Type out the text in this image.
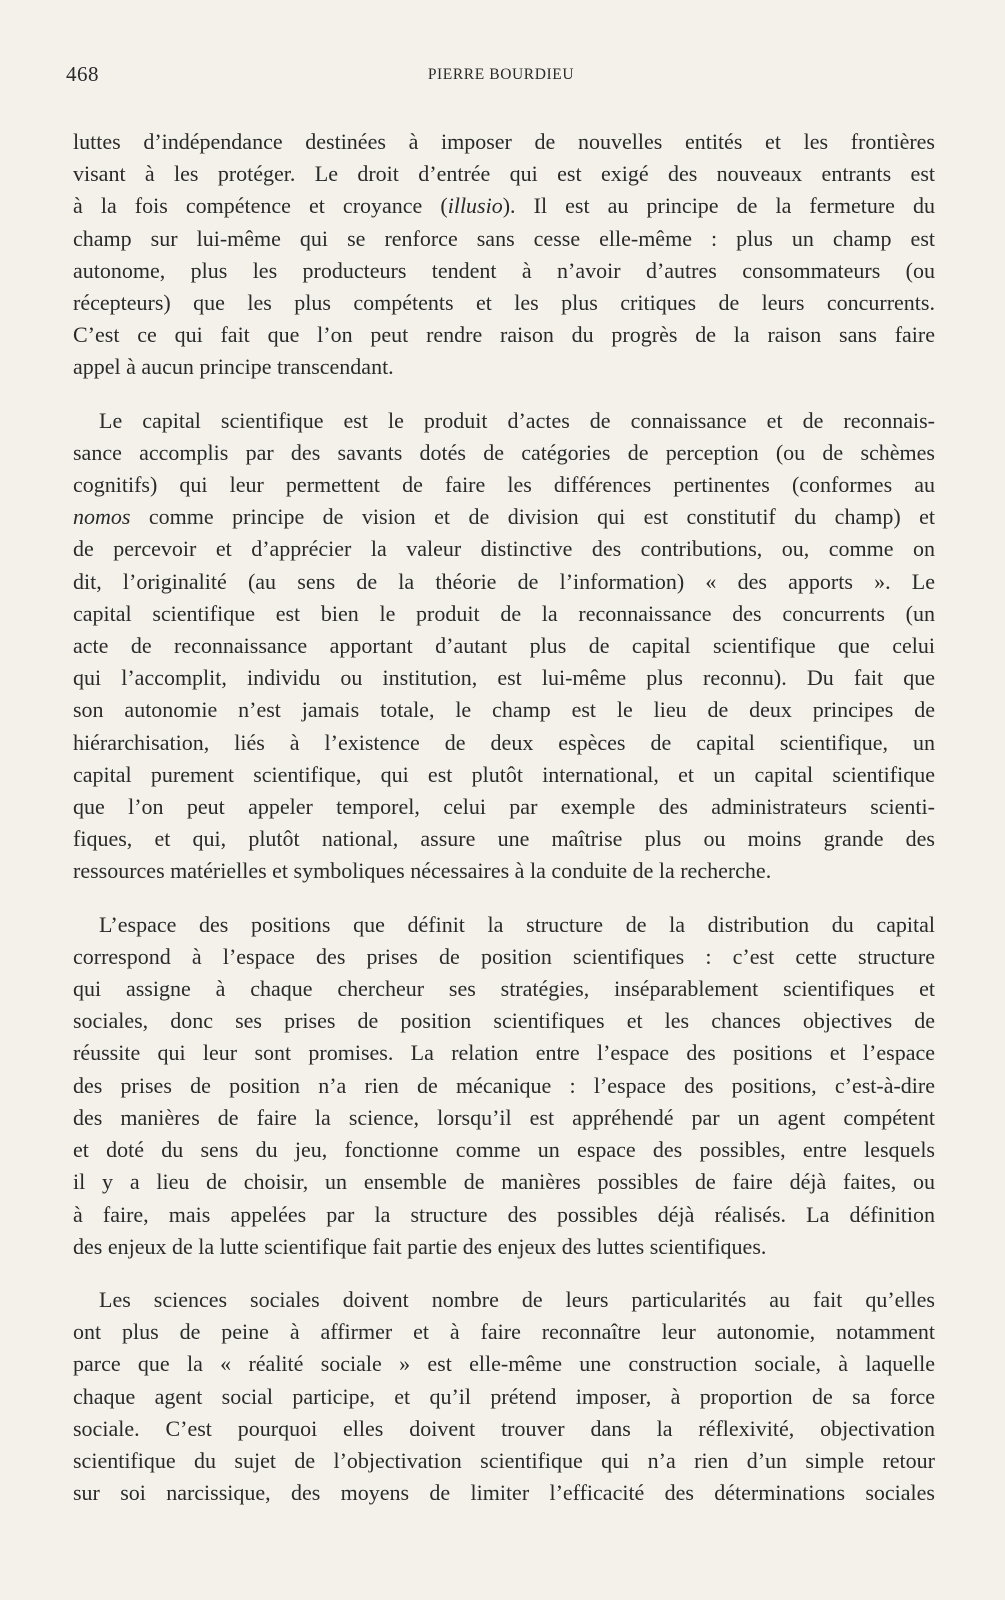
468	PIERRE BOURDIEU
luttes d’indépendance destinées à imposer de nouvelles entités et les frontières
visant à les protéger. Le droit d’entrée qui est exigé des nouveaux entrants est
à la fois compétence et croyance (illusio). Il est au principe de la fermeture du
champ sur lui-même qui se renforce sans cesse elle-même : plus un champ est
autonome, plus les producteurs tendent à n’avoir d’autres consommateurs (ou
récepteurs) que les plus compétents et les plus critiques de leurs concurrents.
C’est ce qui fait que l’on peut rendre raison du progrès de la raison sans faire
appel à aucun principe transcendant.
Le capital scientifique est le produit d’actes de connaissance et de reconnais-
sance accomplis par des savants dotés de catégories de perception (ou de schèmes
cognitifs) qui leur permettent de faire les différences pertinentes (conformes au
nomos comme principe de vision et de division qui est constitutif du champ) et
de percevoir et d’apprécier la valeur distinctive des contributions, ou, comme on
dit, l’originalité (au sens de la théorie de l’information) « des apports ». Le
capital scientifique est bien le produit de la reconnaissance des concurrents (un
acte de reconnaissance apportant d’autant plus de capital scientifique que celui
qui l’accomplit, individu ou institution, est lui-même plus reconnu). Du fait que
son autonomie n’est jamais totale, le champ est le lieu de deux principes de
hiérarchisation, liés à l’existence de deux espèces de capital scientifique, un
capital purement scientifique, qui est plutôt international, et un capital scientifique
que l’on peut appeler temporel, celui par exemple des administrateurs scienti-
fiques, et qui, plutôt national, assure une maîtrise plus ou moins grande des
ressources matérielles et symboliques nécessaires à la conduite de la recherche.
L’espace des positions que définit la structure de la distribution du capital
correspond à l’espace des prises de position scientifiques : c’est cette structure
qui assigne à chaque chercheur ses stratégies, inséparablement scientifiques et
sociales, donc ses prises de position scientifiques et les chances objectives de
réussite qui leur sont promises. La relation entre l’espace des positions et l’espace
des prises de position n’a rien de mécanique : l’espace des positions, c’est-à-dire
des manières de faire la science, lorsqu’il est appréhendé par un agent compétent
et doté du sens du jeu, fonctionne comme un espace des possibles, entre lesquels
il y a lieu de choisir, un ensemble de manières possibles de faire déjà faites, ou
à faire, mais appelées par la structure des possibles déjà réalisés. La définition
des enjeux de la lutte scientifique fait partie des enjeux des luttes scientifiques.
Les sciences sociales doivent nombre de leurs particularités au fait qu’elles
ont plus de peine à affirmer et à faire reconnaître leur autonomie, notamment
parce que la « réalité sociale » est elle-même une construction sociale, à laquelle
chaque agent social participe, et qu’il prétend imposer, à proportion de sa force
sociale. C’est pourquoi elles doivent trouver dans la réflexivité, objectivation
scientifique du sujet de l’objectivation scientifique qui n’a rien d’un simple retour
sur soi narcissique, des moyens de limiter l’efficacité des déterminations sociales
